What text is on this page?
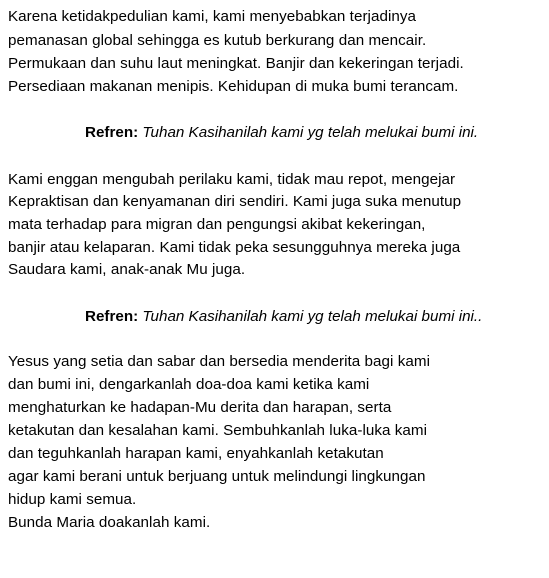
Karena ketidakpedulian kami, kami menyebabkan terjadinya
pemanasan global sehingga es kutub berkurang dan mencair.
Permukaan dan suhu laut meningkat. Banjir dan kekeringan terjadi.
Persediaan makanan menipis. Kehidupan di muka bumi terancam.
Refren: Tuhan Kasihanilah kami yg telah melukai bumi ini.
Kami enggan mengubah perilaku kami, tidak mau repot, mengejar
Kepraktisan dan kenyamanan diri sendiri. Kami juga suka menutup
mata terhadap para migran dan pengungsi akibat kekeringan,
banjir atau kelaparan. Kami tidak peka sesungguhnya mereka juga
Saudara kami, anak-anak Mu juga.
Refren: Tuhan Kasihanilah kami yg telah melukai bumi ini..
Yesus yang setia dan sabar dan bersedia menderita bagi kami
dan bumi ini, dengarkanlah doa-doa kami ketika kami
menghaturkan ke hadapan-Mu derita dan harapan, serta
ketakutan dan kesalahan kami. Sembuhkanlah luka-luka kami
dan teguhkanlah harapan kami, enyahkanlah ketakutan
agar kami berani untuk berjuang untuk melindungi lingkungan
hidup kami semua.
Bunda Maria doakanlah kami.
